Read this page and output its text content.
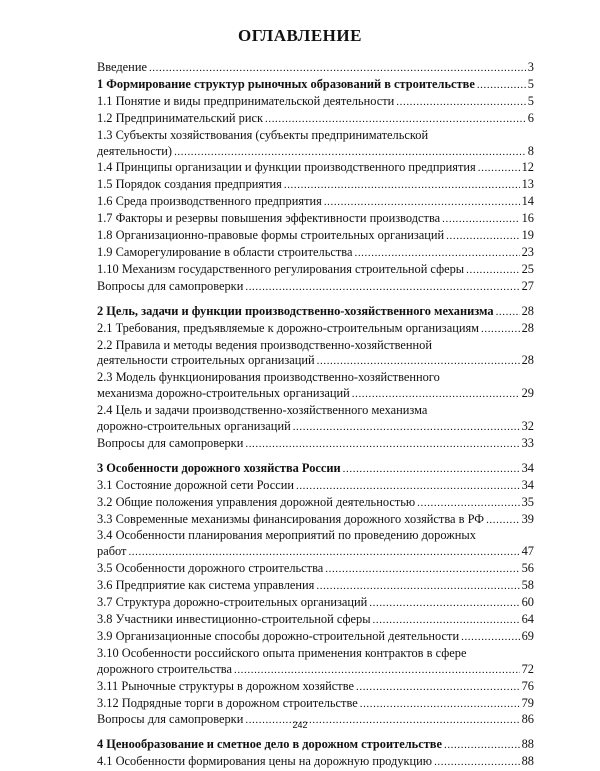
ОГЛАВЛЕНИЕ
Введение .....	3
1 Формирование структур рыночных образований в строительстве .....	5
1.1 Понятие и виды предпринимательской деятельности .....	5
1.2 Предпринимательский риск .....	6
1.3 Субъекты хозяйствования (субъекты предпринимательской
деятельности) .....	8
1.4 Принципы организации и функции производственного предприятия .....	12
1.5 Порядок создания предприятия .....	13
1.6 Среда производственного предприятия .....	14
1.7 Факторы и резервы повышения эффективности производства .....	16
1.8 Организационно-правовые формы строительных организаций .....	19
1.9 Саморегулирование в области строительства .....	23
1.10 Механизм государственного регулирования строительной сферы .....	25
Вопросы для самопроверки .....	27
2 Цель, задачи и функции производственно-хозяйственного механизма ..... 28
2.1 Требования, предъявляемые к дорожно-строительным организациям .....	28
2.2 Правила и методы ведения производственно-хозяйственной
деятельности строительных организаций .....	28
2.3 Модель функционирования производственно-хозяйственного
механизма дорожно-строительных организаций .....	29
2.4 Цель и задачи производственно-хозяйственного механизма
дорожно-строительных организаций .....	32
Вопросы для самопроверки .....	33
3 Особенности дорожного хозяйства России .....	34
3.1 Состояние дорожной сети России .....	34
3.2 Общие положения управления дорожной деятельностью .....	35
3.3 Современные механизмы финансирования дорожного хозяйства в РФ .....	39
3.4 Особенности планирования мероприятий по проведению дорожных
работ .....	47
3.5 Особенности дорожного строительства .....	56
3.6 Предприятие как система управления .....	58
3.7 Структура дорожно-строительных организаций .....	60
3.8 Участники инвестиционно-строительной сферы .....	64
3.9 Организационные способы дорожно-строительной деятельности .....	69
3.10 Особенности российского опыта применения контрактов в сфере
дорожного строительства .....	72
3.11 Рыночные структуры в дорожном хозяйстве .....	76
3.12 Подрядные торги в дорожном строительстве .....	79
Вопросы для самопроверки .....	86
4 Ценообразование и сметное дело в дорожном строительстве .....	88
4.1 Особенности формирования цены на дорожную продукцию .....	88
242
